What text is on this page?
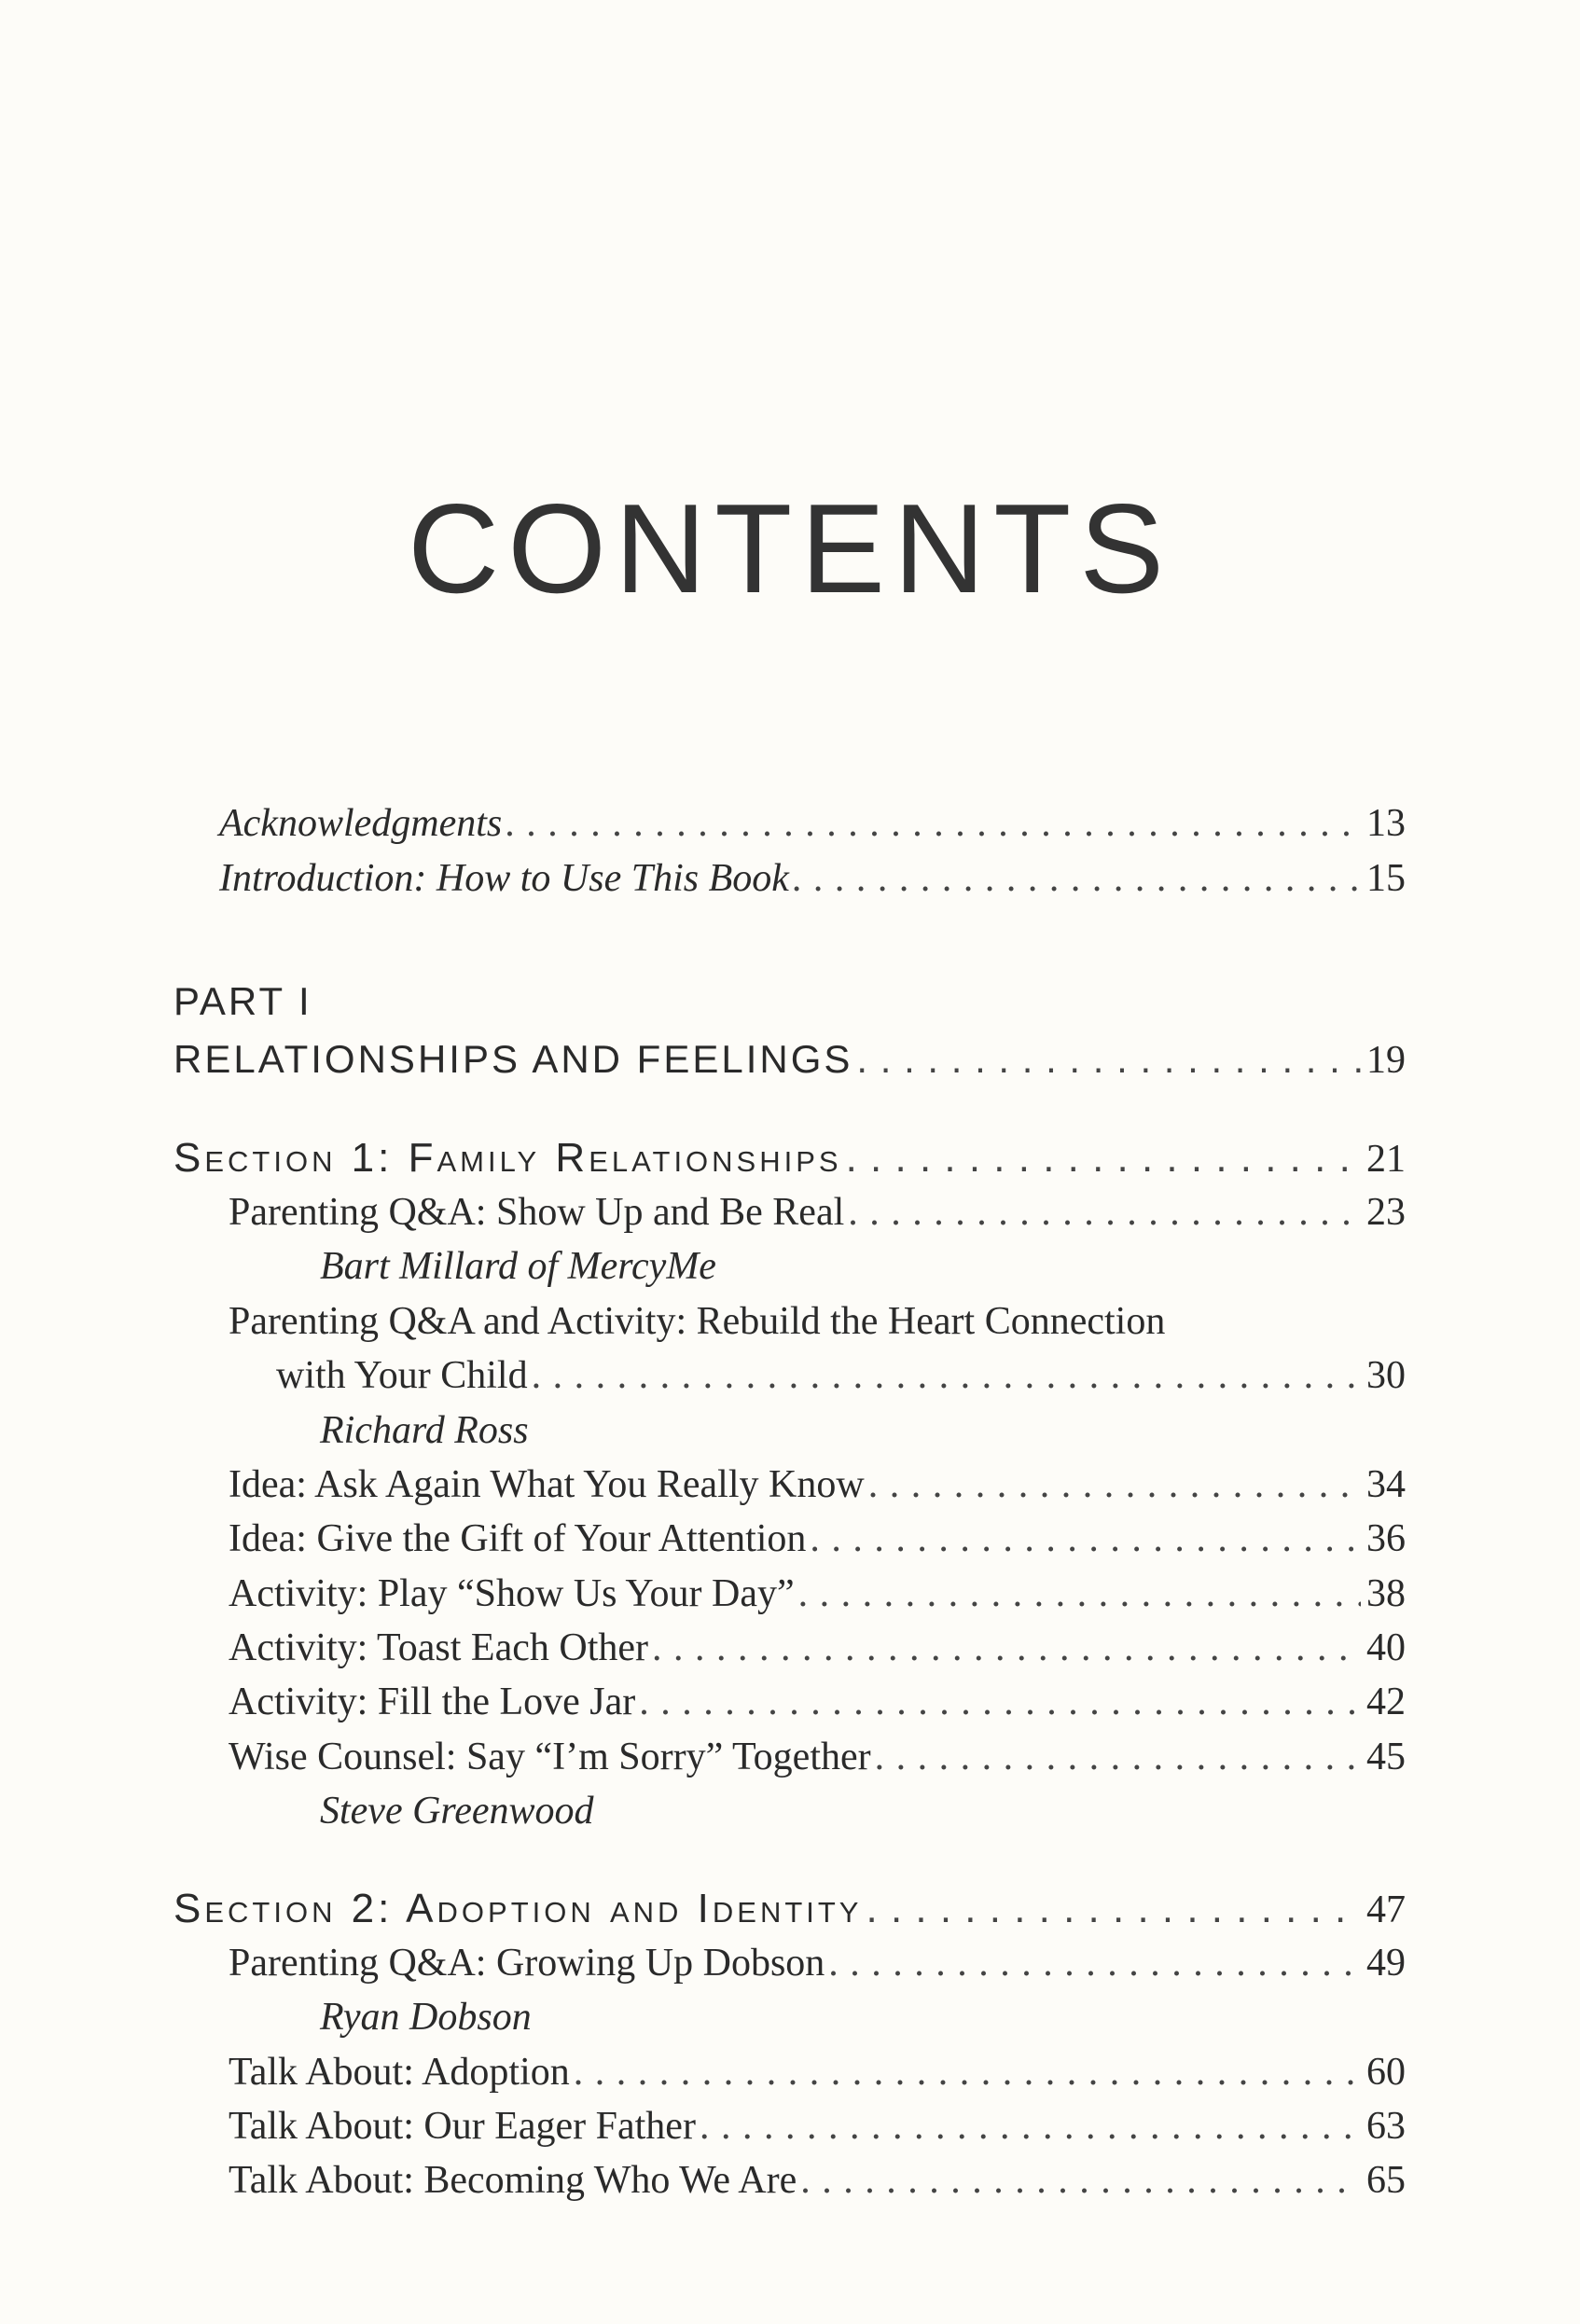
CONTENTS
Acknowledgments . . .	13
Introduction: How to Use This Book . . .	15
PART I
RELATIONSHIPS AND FEELINGS . . .	19
Section 1: Family Relationships . . .	21
Parenting Q&A: Show Up and Be Real . . .	23
Bart Millard of MercyMe
Parenting Q&A and Activity: Rebuild the Heart Connection
with Your Child . . .	30
Richard Ross
Idea: Ask Again What You Really Know . . .	34
Idea: Give the Gift of Your Attention . . .	36
Activity: Play “Show Us Your Day” . . .	38
Activity: Toast Each Other . . .	40
Activity: Fill the Love Jar . . .	42
Wise Counsel: Say “I’m Sorry” Together . . .	45
Steve Greenwood
Section 2: Adoption and Identity . . .	47
Parenting Q&A: Growing Up Dobson . . .	49
Ryan Dobson
Talk About: Adoption . . .	60
Talk About: Our Eager Father . . .	63
Talk About: Becoming Who We Are . . .	65
